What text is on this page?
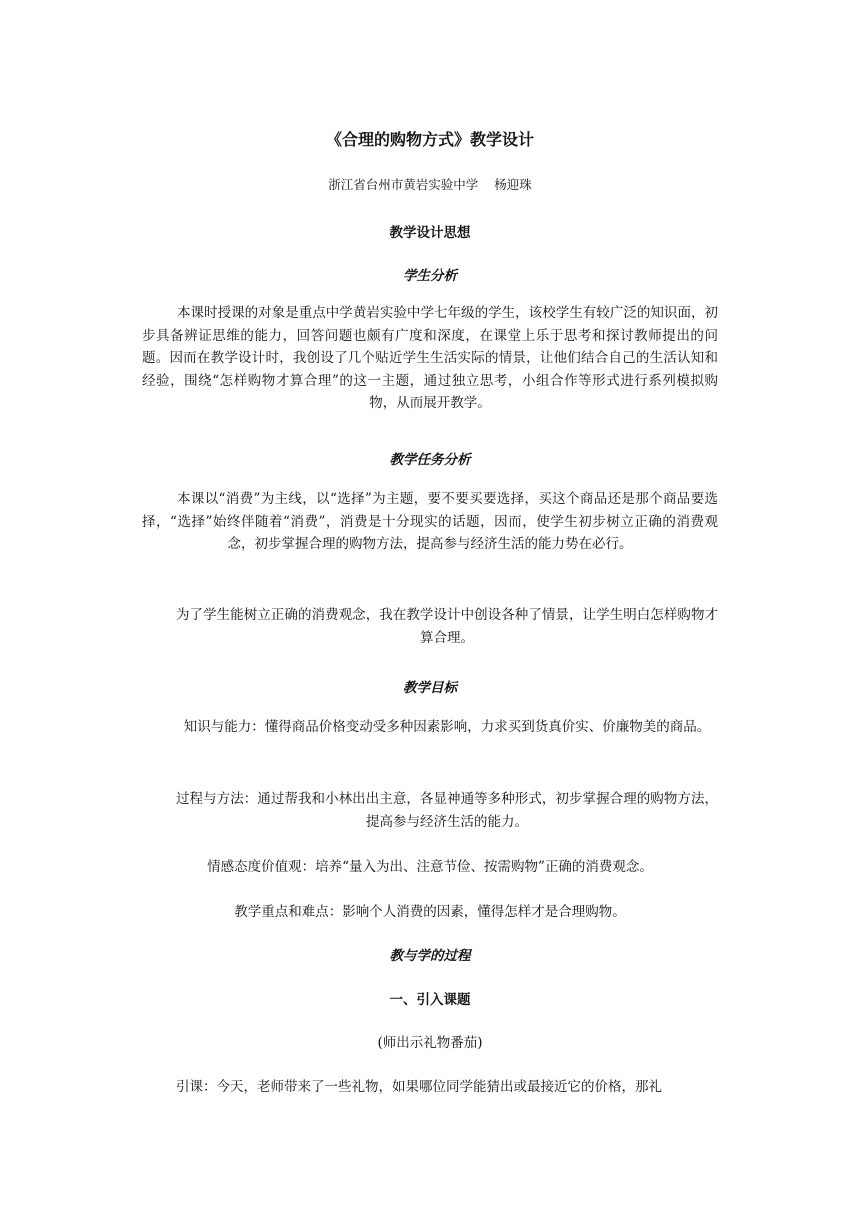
《合理的购物方式》教学设计
浙江省台州市黄岩实验中学 杨迎珠
教学设计思想
学生分析
本课时授课的对象是重点中学黄岩实验中学七年级的学生，该校学生有较广泛的知识面，初步具备辨证思维的能力，回答问题也颇有广度和深度，在课堂上乐于思考和探讨教师提出的问题。因而在教学设计时，我创设了几个贴近学生生活实际的情景，让他们结合自己的生活认知和经验，围绕“怎样购物才算合理”的这一主题，通过独立思考，小组合作等形式进行系列模拟购物，从而展开教学。
教学任务分析
本课以“消费”为主线，以“选择”为主题，要不要买要选择，买这个商品还是那个商品要选择，“选择”始终伴随着“消费”，消费是十分现实的话题，因而，使学生初步树立正确的消费观念，初步掌握合理的购物方法，提高参与经济生活的能力势在必行。
为了学生能树立正确的消费观念，我在教学设计中创设各种了情景，让学生明白怎样购物才算合理。
教学目标
知识与能力：懂得商品价格变动受多种因素影响，力求买到货真价实、价廉物美的商品。
过程与方法：通过帮我和小林出出主意，各显神通等多种形式，初步掌握合理的购物方法，提高参与经济生活的能力。
情感态度价值观：培养“量入为出、注意节俭、按需购物”正确的消费观念。
教学重点和难点：影响个人消费的因素，懂得怎样才是合理购物。
教与学的过程
一、引入课题
(师出示礼物番茄)
引课：今天，老师带来了一些礼物，如果哪位同学能猜出或最接近它的价格，那礼
